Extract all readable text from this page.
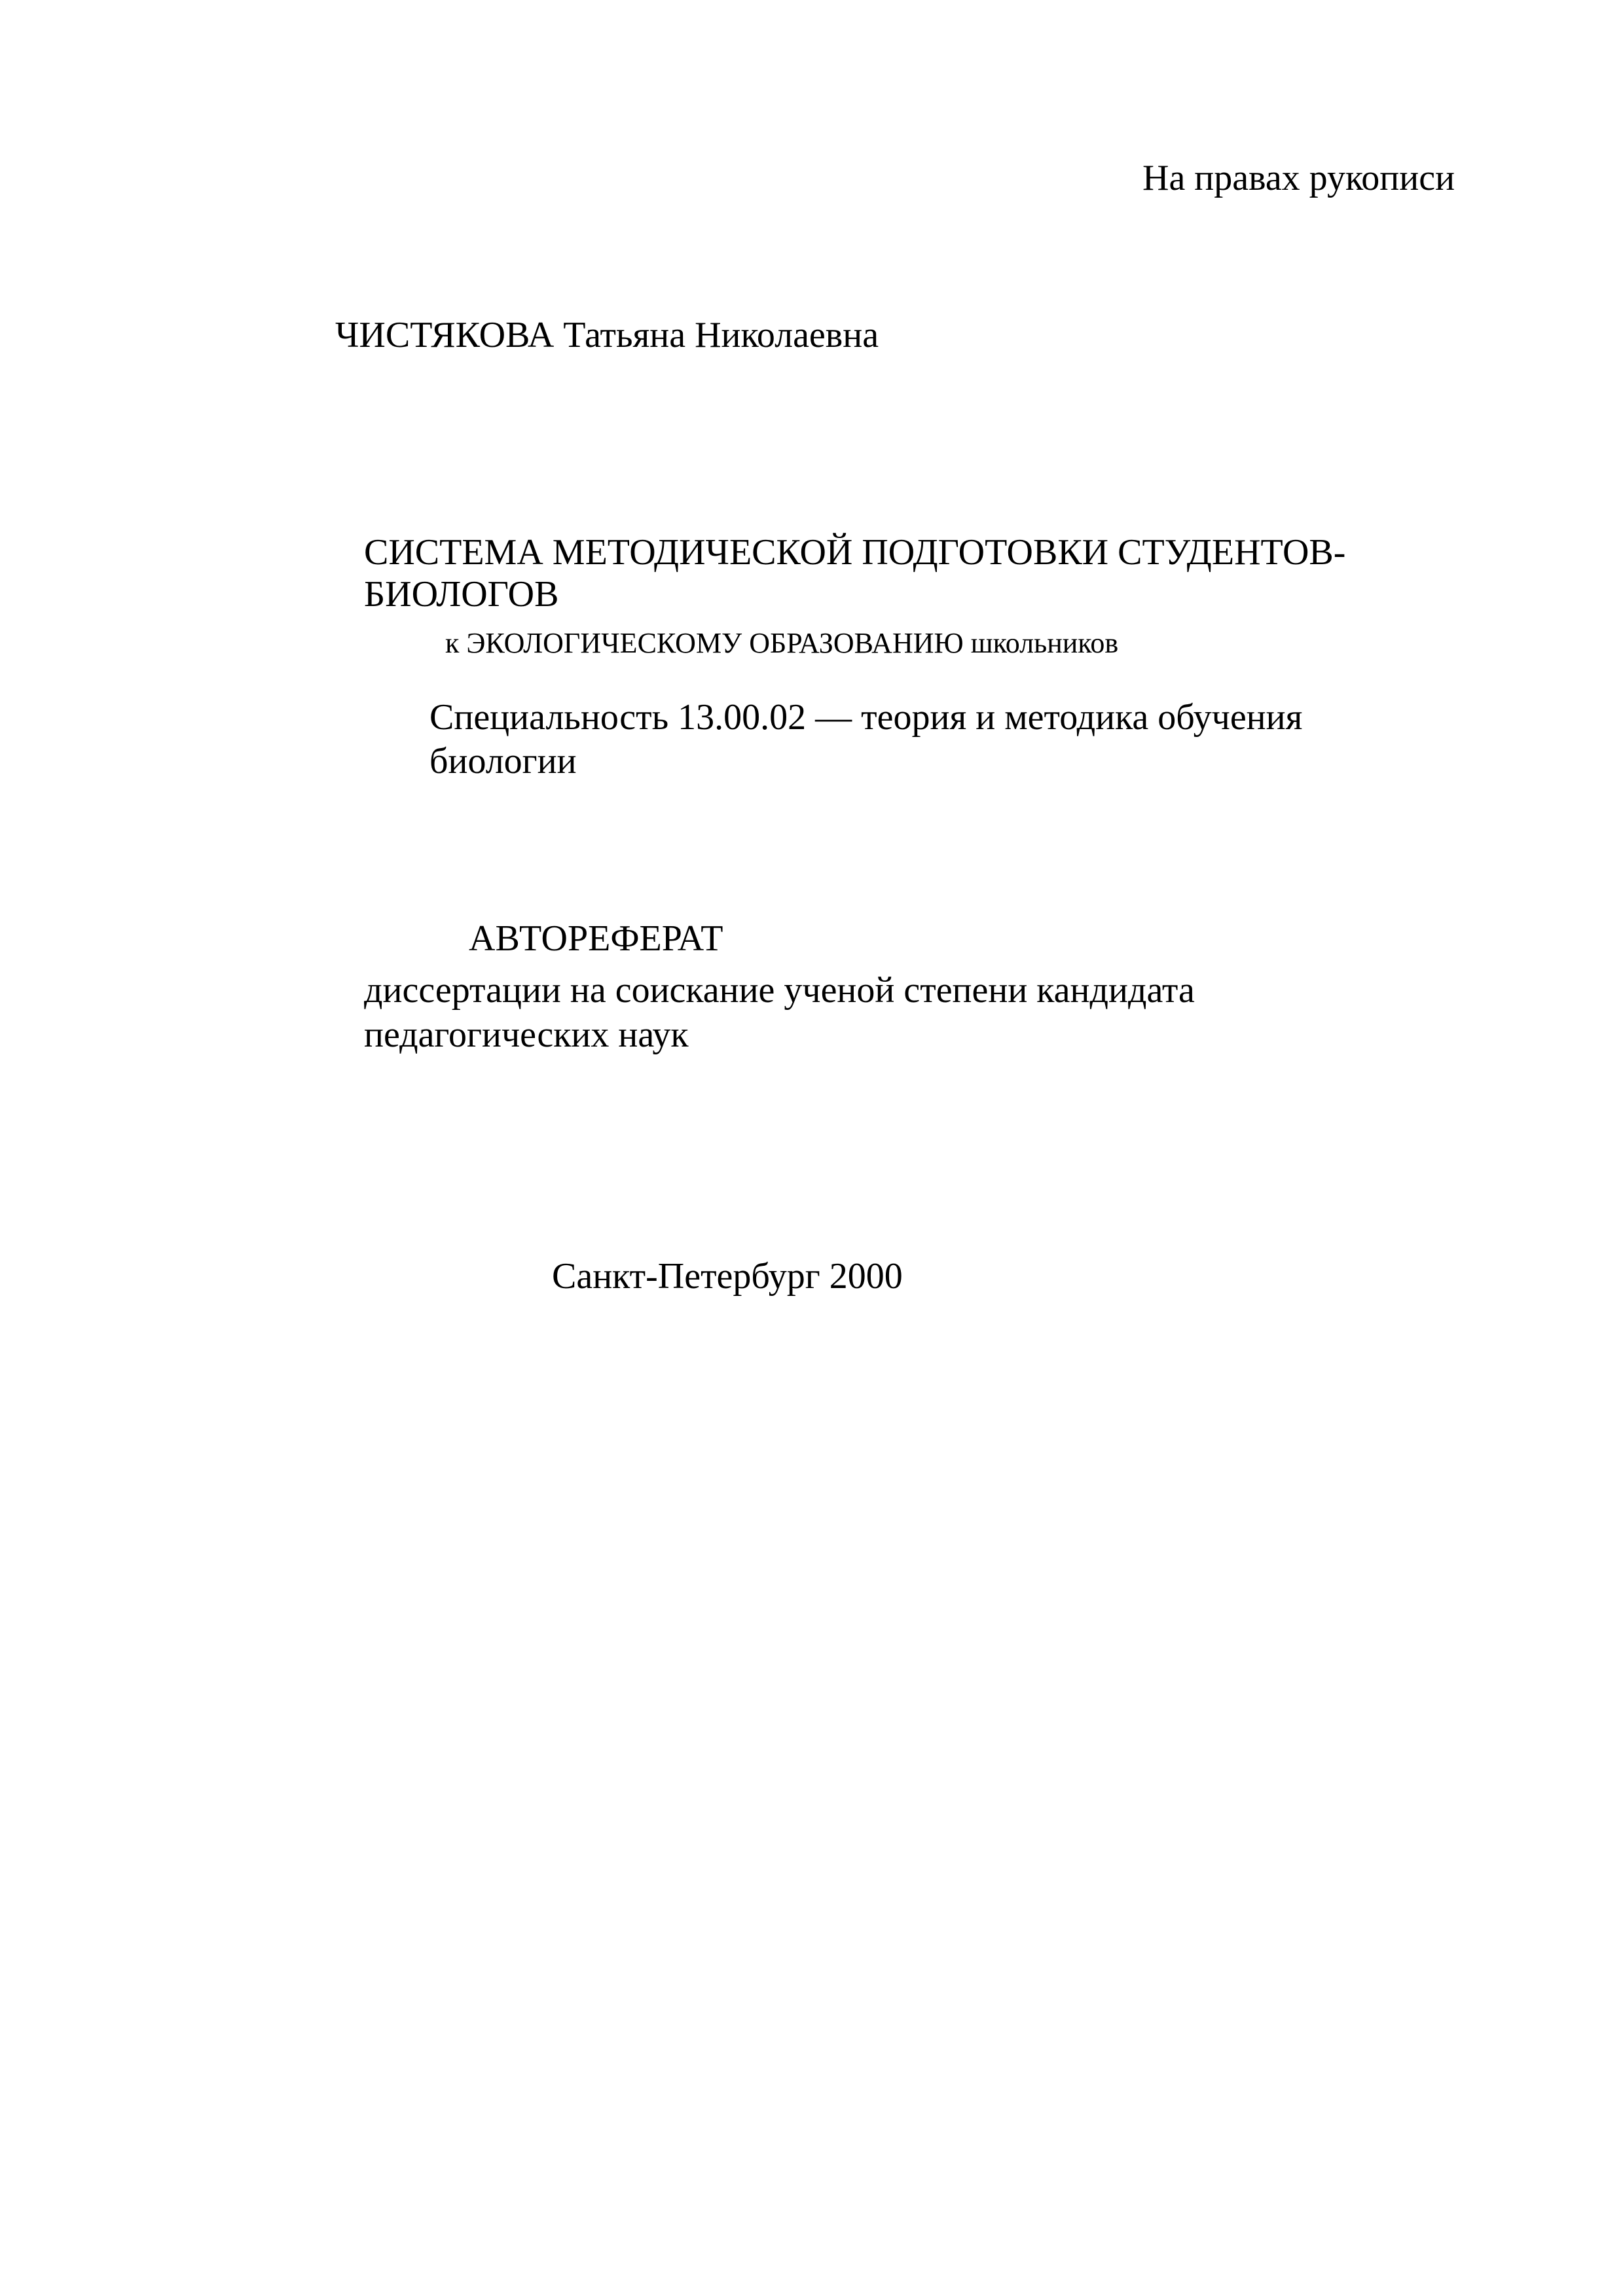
На правах рукописи

ЧИСТЯКОВА Татьяна Николаевна

СИСТЕМА МЕТОДИЧЕСКОЙ ПОДГОТОВКИ СТУДЕНТОВ-

БИОЛОГОВ

к ЭКОЛОГИЧЕСКОМУ ОБРАЗОВАНИЮ школьников

Специальность 13.00.02 — теория и методика обучения

биологии

АВТОРЕФЕРАТ

диссертации на соискание ученой степени кандидата

педагогических наук

Санкт-Петербург 2000
